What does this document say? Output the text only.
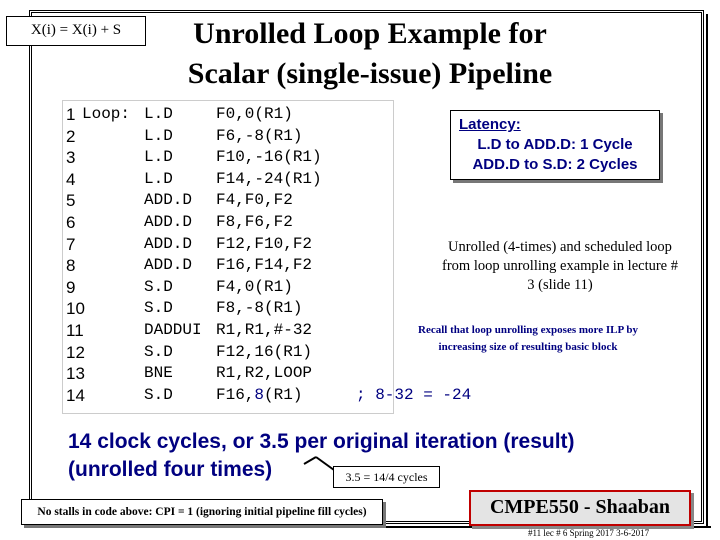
X(i) = X(i) + S	Unrolled Loop Example for
Scalar (single-issue) Pipeline
1 Loop: L.D	F0,0(R1)
2	L.D	F6,-8(R1)
3	L.D	F10,-16(R1)
4	L.D	F14,-24(R1)
5	ADD.D F4,F0,F2
6	ADD.D F8,F6,F2
7	ADD.D F12,F10,F2
8	ADD.D F16,F14,F2
9	S.D	F4,0(R1)
10	S.D	F8,-8(R1)
11	DADDUI R1,R1,#-32
12	S.D	F12,16(R1)
13	BNE	R1,R2,LOOP
14	S.D	F16,8(R1)	; 8-32 = -24
Latency:
L.D to ADD.D: 1 Cycle
ADD.D to S.D: 2 Cycles
Unrolled (4-times) and scheduled loop from loop unrolling example in lecture # 3 (slide 11)
Recall that loop unrolling exposes more ILP by increasing size of resulting basic block
14 clock cycles, or 3.5 per original iteration (result)
(unrolled four times)	3.5 = 14/4 cycles
No stalls in code above: CPI = 1 (ignoring initial pipeline fill cycles)	CMPE550 - Shaaban
#11 lec # 6 Spring 2017 3-6-2017
